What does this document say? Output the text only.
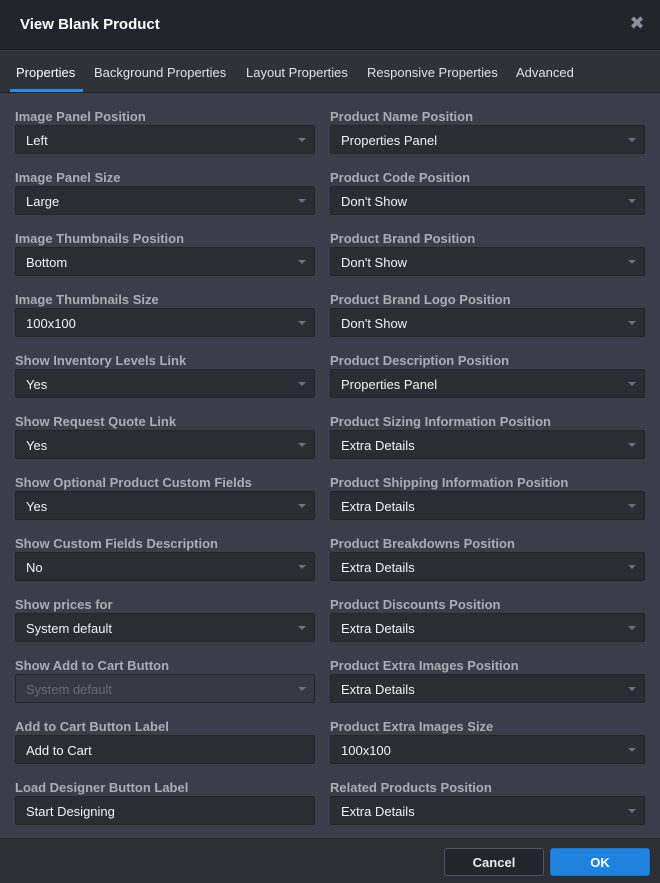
View Blank Product	✖
Properties Background Properties Layout Properties Responsive Properties Advanced
Image Panel Position
Left
Image Panel Size
Large
Image Thumbnails Position
Bottom
Image Thumbnails Size
100x100
Show Inventory Levels Link
Yes
Show Request Quote Link
Yes
Show Optional Product Custom Fields
Yes
Show Custom Fields Description
No
Show prices for
System default
Show Add to Cart Button
System default
Add to Cart Button Label
Add to Cart
Load Designer Button Label
Start Designing
Product Name Position
Properties Panel
Product Code Position
Don't Show
Product Brand Position
Don't Show
Product Brand Logo Position
Don't Show
Product Description Position
Properties Panel
Product Sizing Information Position
Extra Details
Product Shipping Information Position
Extra Details
Product Breakdowns Position
Extra Details
Product Discounts Position
Extra Details
Product Extra Images Position
Extra Details
Product Extra Images Size
100x100
Related Products Position
Extra Details
Cancel	OK
